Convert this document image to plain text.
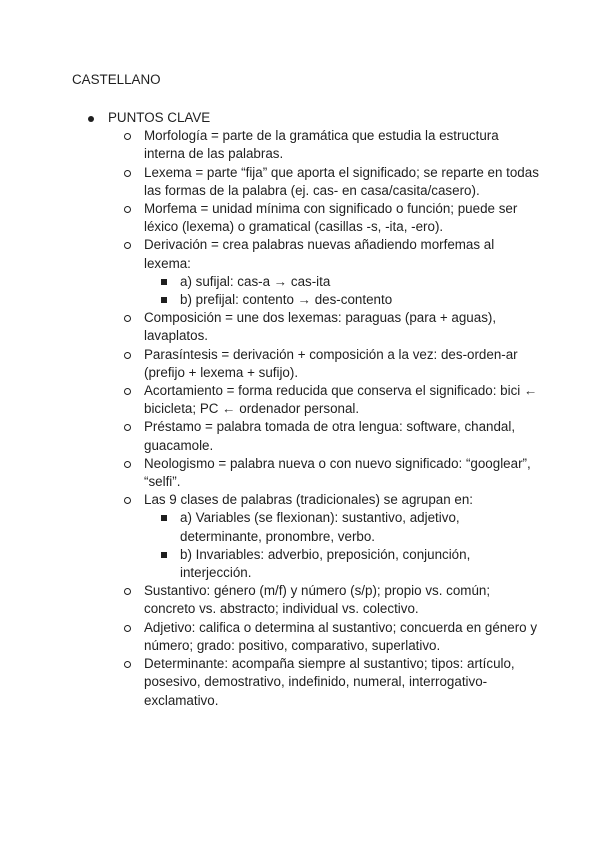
CASTELLANO
PUNTOS CLAVE
Morfología = parte de la gramática que estudia la estructura interna de las palabras.
Lexema = parte “fija” que aporta el significado; se reparte en todas las formas de la palabra (ej. cas- en casa/casita/casero).
Morfema = unidad mínima con significado o función; puede ser léxico (lexema) o gramatical (casillas -s, -ita, -ero).
Derivación = crea palabras nuevas añadiendo morfemas al lexema:
a) sufijal: cas-a → cas-ita
b) prefijal: contento → des-contento
Composición = une dos lexemas: paraguas (para + aguas), lavaplatos.
Parasíntesis = derivación + composición a la vez: des-orden-ar (prefijo + lexema + sufijo).
Acortamiento = forma reducida que conserva el significado: bici ← bicicleta; PC ← ordenador personal.
Préstamo = palabra tomada de otra lengua: software, chandal, guacamole.
Neologismo = palabra nueva o con nuevo significado: “googlear”, “selfi”.
Las 9 clases de palabras (tradicionales) se agrupan en:
a) Variables (se flexionan): sustantivo, adjetivo, determinante, pronombre, verbo.
b) Invariables: adverbio, preposición, conjunción, interjección.
Sustantivo: género (m/f) y número (s/p); propio vs. común; concreto vs. abstracto; individual vs. colectivo.
Adjetivo: califica o determina al sustantivo; concuerda en género y número; grado: positivo, comparativo, superlativo.
Determinante: acompaña siempre al sustantivo; tipos: artículo, posesivo, demostrativo, indefinido, numeral, interrogativo-exclamativo.
